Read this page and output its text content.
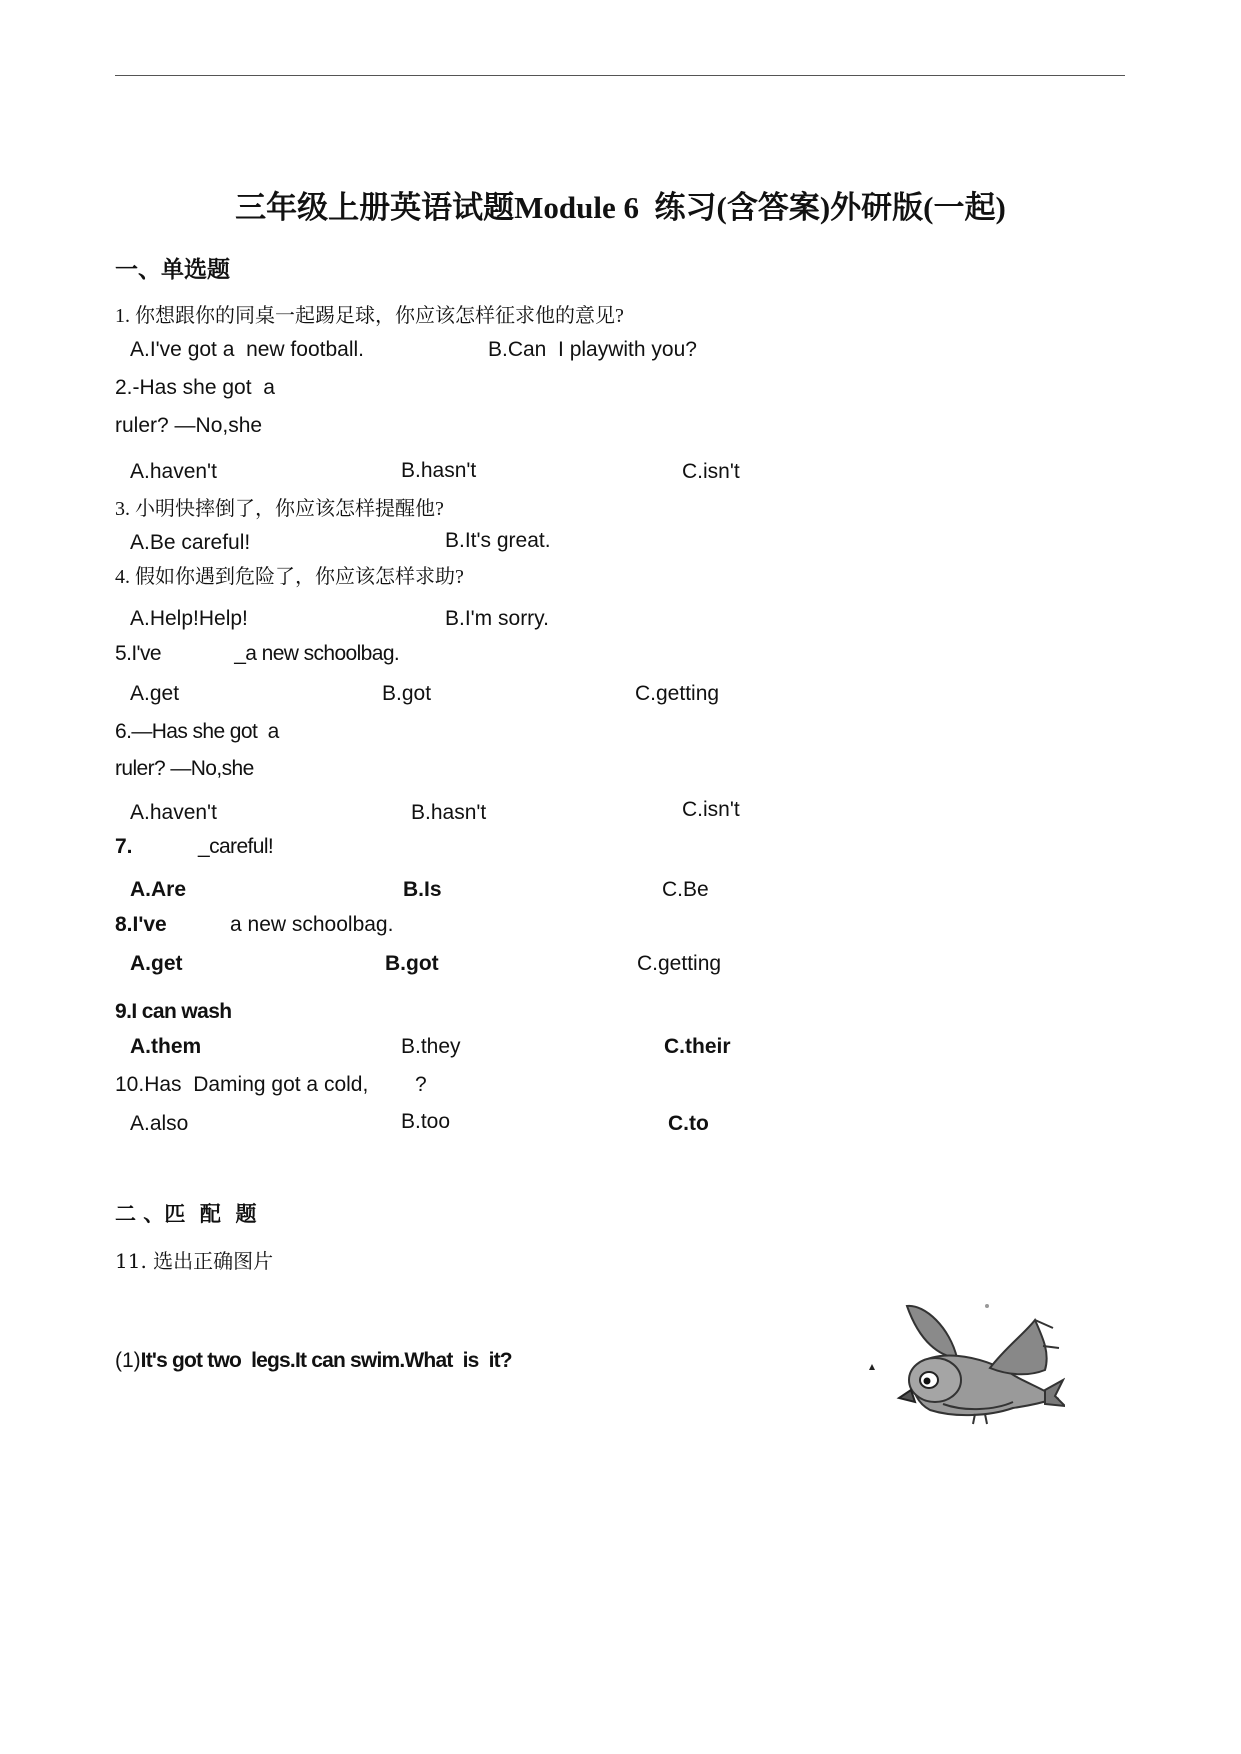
三年级上册英语试题Module 6  练习(含答案)外研版(一起)
一、单选题
1. 你想跟你的同桌一起踢足球，你应该怎样征求他的意见?
A.I've got a  new football.	B.Can  I playwith you?
2.-Has she got  a
ruler? —No,she
A.haven't	B.hasn't	C.isn't
3. 小明快摔倒了，你应该怎样提醒他?
A.Be careful!	B.It's great.
4. 假如你遇到危险了，你应该怎样求助?
A.Help!Help!	B.I'm sorry.
5.I've              _a new schoolbag.
A.get	B.got	C.getting
6.—Has she got  a
ruler? —No,she
A.haven't	B.hasn't	C.isn't
7.	_careful!
A.Are	B.Is	C.Be
8.I've	a new schoolbag.
A.get	B.got	C.getting
9.I can wash
A.them	B.they	C.their
10.Has  Daming got a cold, ?
A.also	B.too	C.to
二 、匹  配  题
11. 选出正确图片
(1)It's got two  legs.It can swim.What  is  it?
